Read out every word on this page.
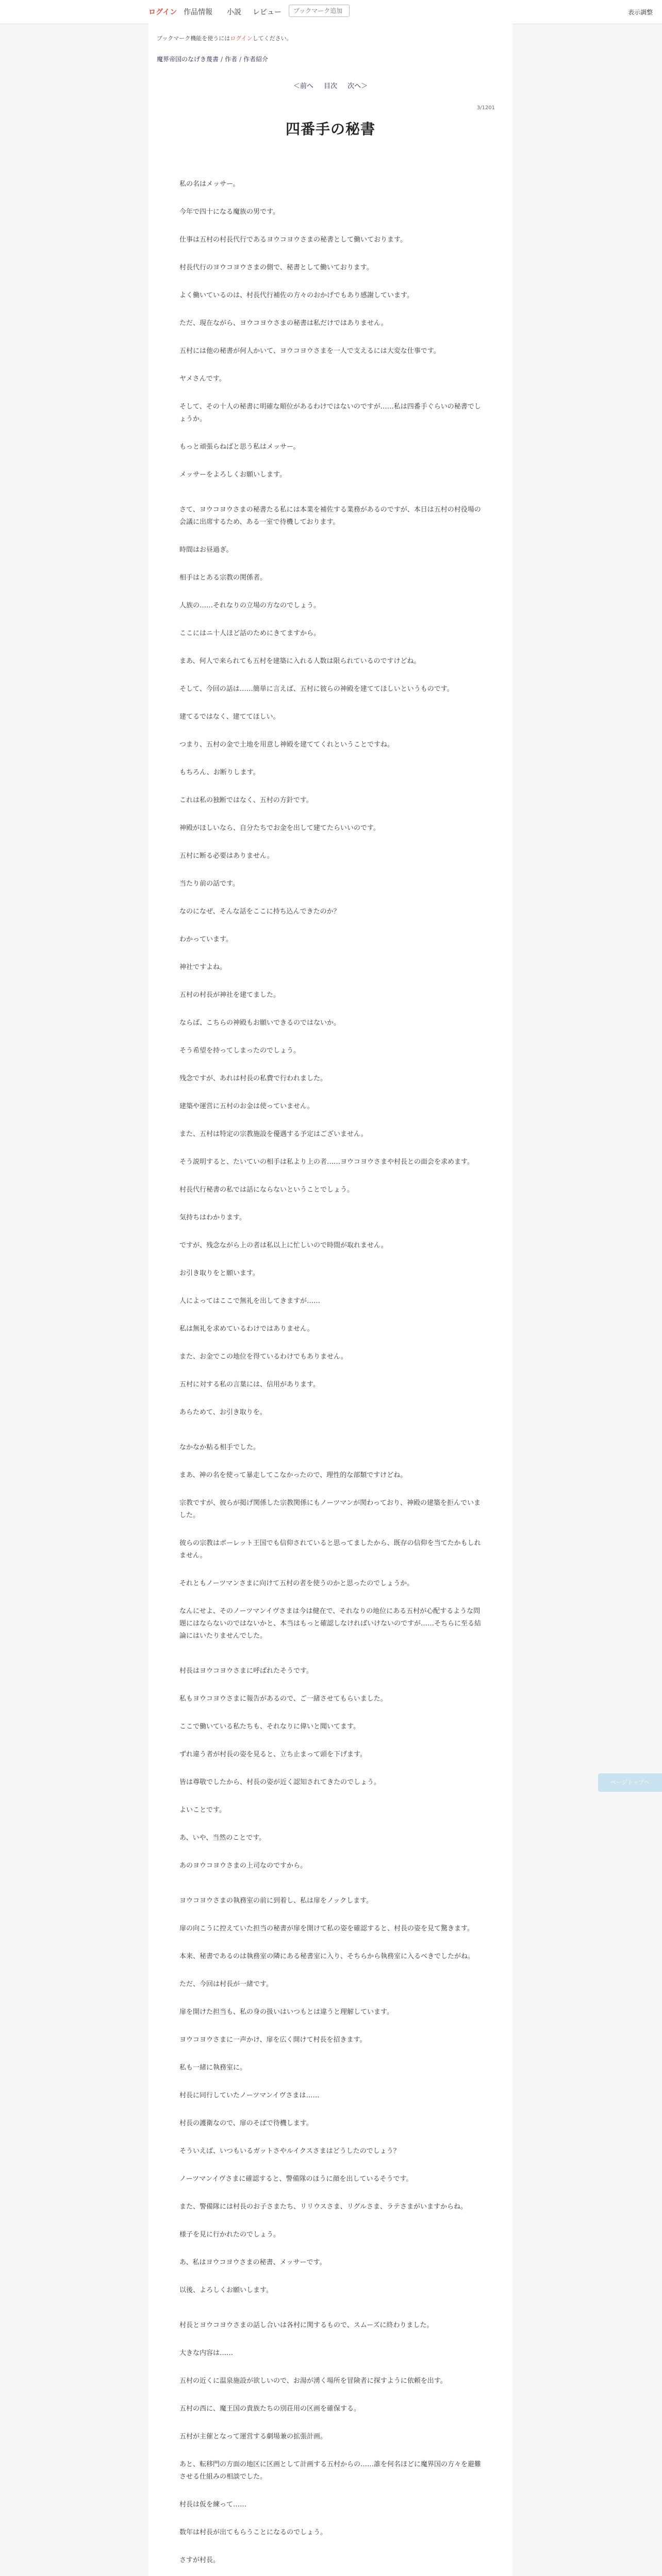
ログイン 作品情報 小説 レビュー
ブックマーク追加	表示調整
ブックマーク機能を使うにはログインしてください。
魔界帝国のなげき蔑書 / 作者 / 作者紹介
＜前へ 目次 次へ＞
3/1201
四番手の秘書

私の名はメッサー。

今年で四十になる魔族の男です。

仕事は五村の村長代行であるヨウコヨウさまの秘書として働いております。

村長代行のヨウコヨウさまの側で、秘書として働いております。

よく働いているのは、村長代行補佐の方々のおかげでもあり感謝しています。

ただ、現在ながら、ヨウコヨウさまの秘書は私だけではありません。

五村には他の秘書が何人かいて、ヨウコヨウさまを一人で支えるには大変な仕事です。

ヤメさんです。

そして、その十人の秘書に明確な順位があるわけではないのですが……私は四番手ぐらいの秘書でしょうか。

もっと頑張らねばと思う私はメッサー。

メッサーをよろしくお願いします。

さて、ヨウコヨウさまの秘書たる私には本業を補佐する業務があるのですが、本日は五村の村役場の会議に出席するため、ある一室で待機しております。

時間はお昼過ぎ。

相手はとある宗教の関係者。

人族の……それなりの立場の方なのでしょう。

ここにはニ十人ほど話のためにきてますから。

まあ、何人で来られても五村を建築に入れる人数は限られているのですけどね。

そして、今回の話は……簡単に言えば、五村に彼らの神殿を建ててほしいというものです。

建てるではなく、建ててほしい。

つまり、五村の金で土地を用意し神殿を建ててくれということですね。

もちろん、お断りします。

これは私の独断ではなく、五村の方針です。

神殿がほしいなら、自分たちでお金を出して建てたらいいのです。

五村に断る必要はありません。

当たり前の話です。

なのになぜ、そんな話をここに持ち込んできたのか？

わかっています。

神社ですよね。

五村の村長が神社を建てました。

ならば、こちらの神殿もお願いできるのではないか。

そう希望を持ってしまったのでしょう。

残念ですが、あれは村長の私費で行われました。

建築や運営に五村のお金は使っていません。

また、五村は特定の宗教施設を優遇する予定はございません。

そう説明すると、たいていの相手は私より上の者……ヨウコヨウさまや村長との面会を求めます。

村長代行秘書の私では話にならないということでしょう。

気持ちはわかります。

ですが、残念ながら上の者は私以上に忙しいので時間が取れません。

お引き取りをと願います。

人によってはここで無礼を出してきますが……

私は無礼を求めているわけではありません。

また、お金でこの地位を得ているわけでもありません。

五村に対する私の言葉には、信用があります。

あらためて、お引き取りを。

なかなか粘る相手でした。

まあ、神の名を使って暴走してこなかったので、理性的な部類ですけどね。

宗教ですが、彼らが掲げ関係した宗教関係にもノーツマンが関わっており、神殿の建築を拒んでいました。

彼らの宗教はボーレット王国でも信仰されていると思ってましたから、既存の信仰を当てたかもしれません。

それともノーツマンさまに向けて五村の者を使うのかと思ったのでしょうか。

なんにせよ、そのノーツマンイヴさまは今は健在で、それなりの地位にある五村が心配するような問題にはならないのではないかと、本当はもっと確認しなければいけないのですが……そちらに至る結論にはいたりませんでした。

村長はヨウコヨウさまに呼ばれたそうです。

私もヨウコヨウさまに報告があるので、ご一緒させてもらいました。

ここで働いている私たちも、それなりに偉いと聞いてます。

ずれ違う者が村長の姿を見ると、立ち止まって頭を下げます。

皆は尊敬でしたから、村長の姿が近く認知されてきたのでしょう。

よいことです。

あ、いや、当然のことです。

あのヨウコヨウさまの上司なのですから。

ヨウコヨウさまの執務室の前に到着し、私は扉をノックします。

扉の向こうに控えていた担当の秘書が扉を開けて私の姿を確認すると、村長の姿を見て驚きます。

本来、秘書であるのは執務室の隣にある秘書室に入り、そちらから執務室に入るべきでしたがね。

ただ、今回は村長が一緒です。

扉を開けた担当も、私の身の扱いはいつもとは違うと理解しています。

ヨウコヨウさまに一声かけ、扉を広く開けて村長を招きます。

私も一緒に執務室に。

村長に同行していたノーツマンイヴさまは……

村長の護衛なので、扉のそばで待機します。

そういえば、いつもいるガットさやルイクスさまはどうしたのでしょう？

ノーツマンイヴさまに確認すると、警備隊のほうに顔を出しているそうです。

また、警備隊には村長のお子さまたち、リリウスさま、リグルさま、ラテさまがいますからね。

様子を見に行かれたのでしょう。

あ、私はヨウコヨウさまの秘書、メッサーです。

以後、よろしくお願いします。

村長とヨウコヨウさまの話し合いは各村に関するもので、スムーズに終わりました。

大きな内容は……

五村の近くに温泉施設が欲しいので、お湯が湧く場所を冒険者に探すように依頼を出す。

五村の西に、魔王国の貴族たちの別荘用の区画を確保する。

五村が主催となって運営する劇場兼の拡張計画。

あと、転移門の方面の地区に区画として計画する五村からの……誰を何名ほどに魔界国の方々を避難させる仕組みの相談でした。

村長は仮を練って……

数年は村長が出てもらうことになるのでしょう。

さすが村長。

ページトップへ
